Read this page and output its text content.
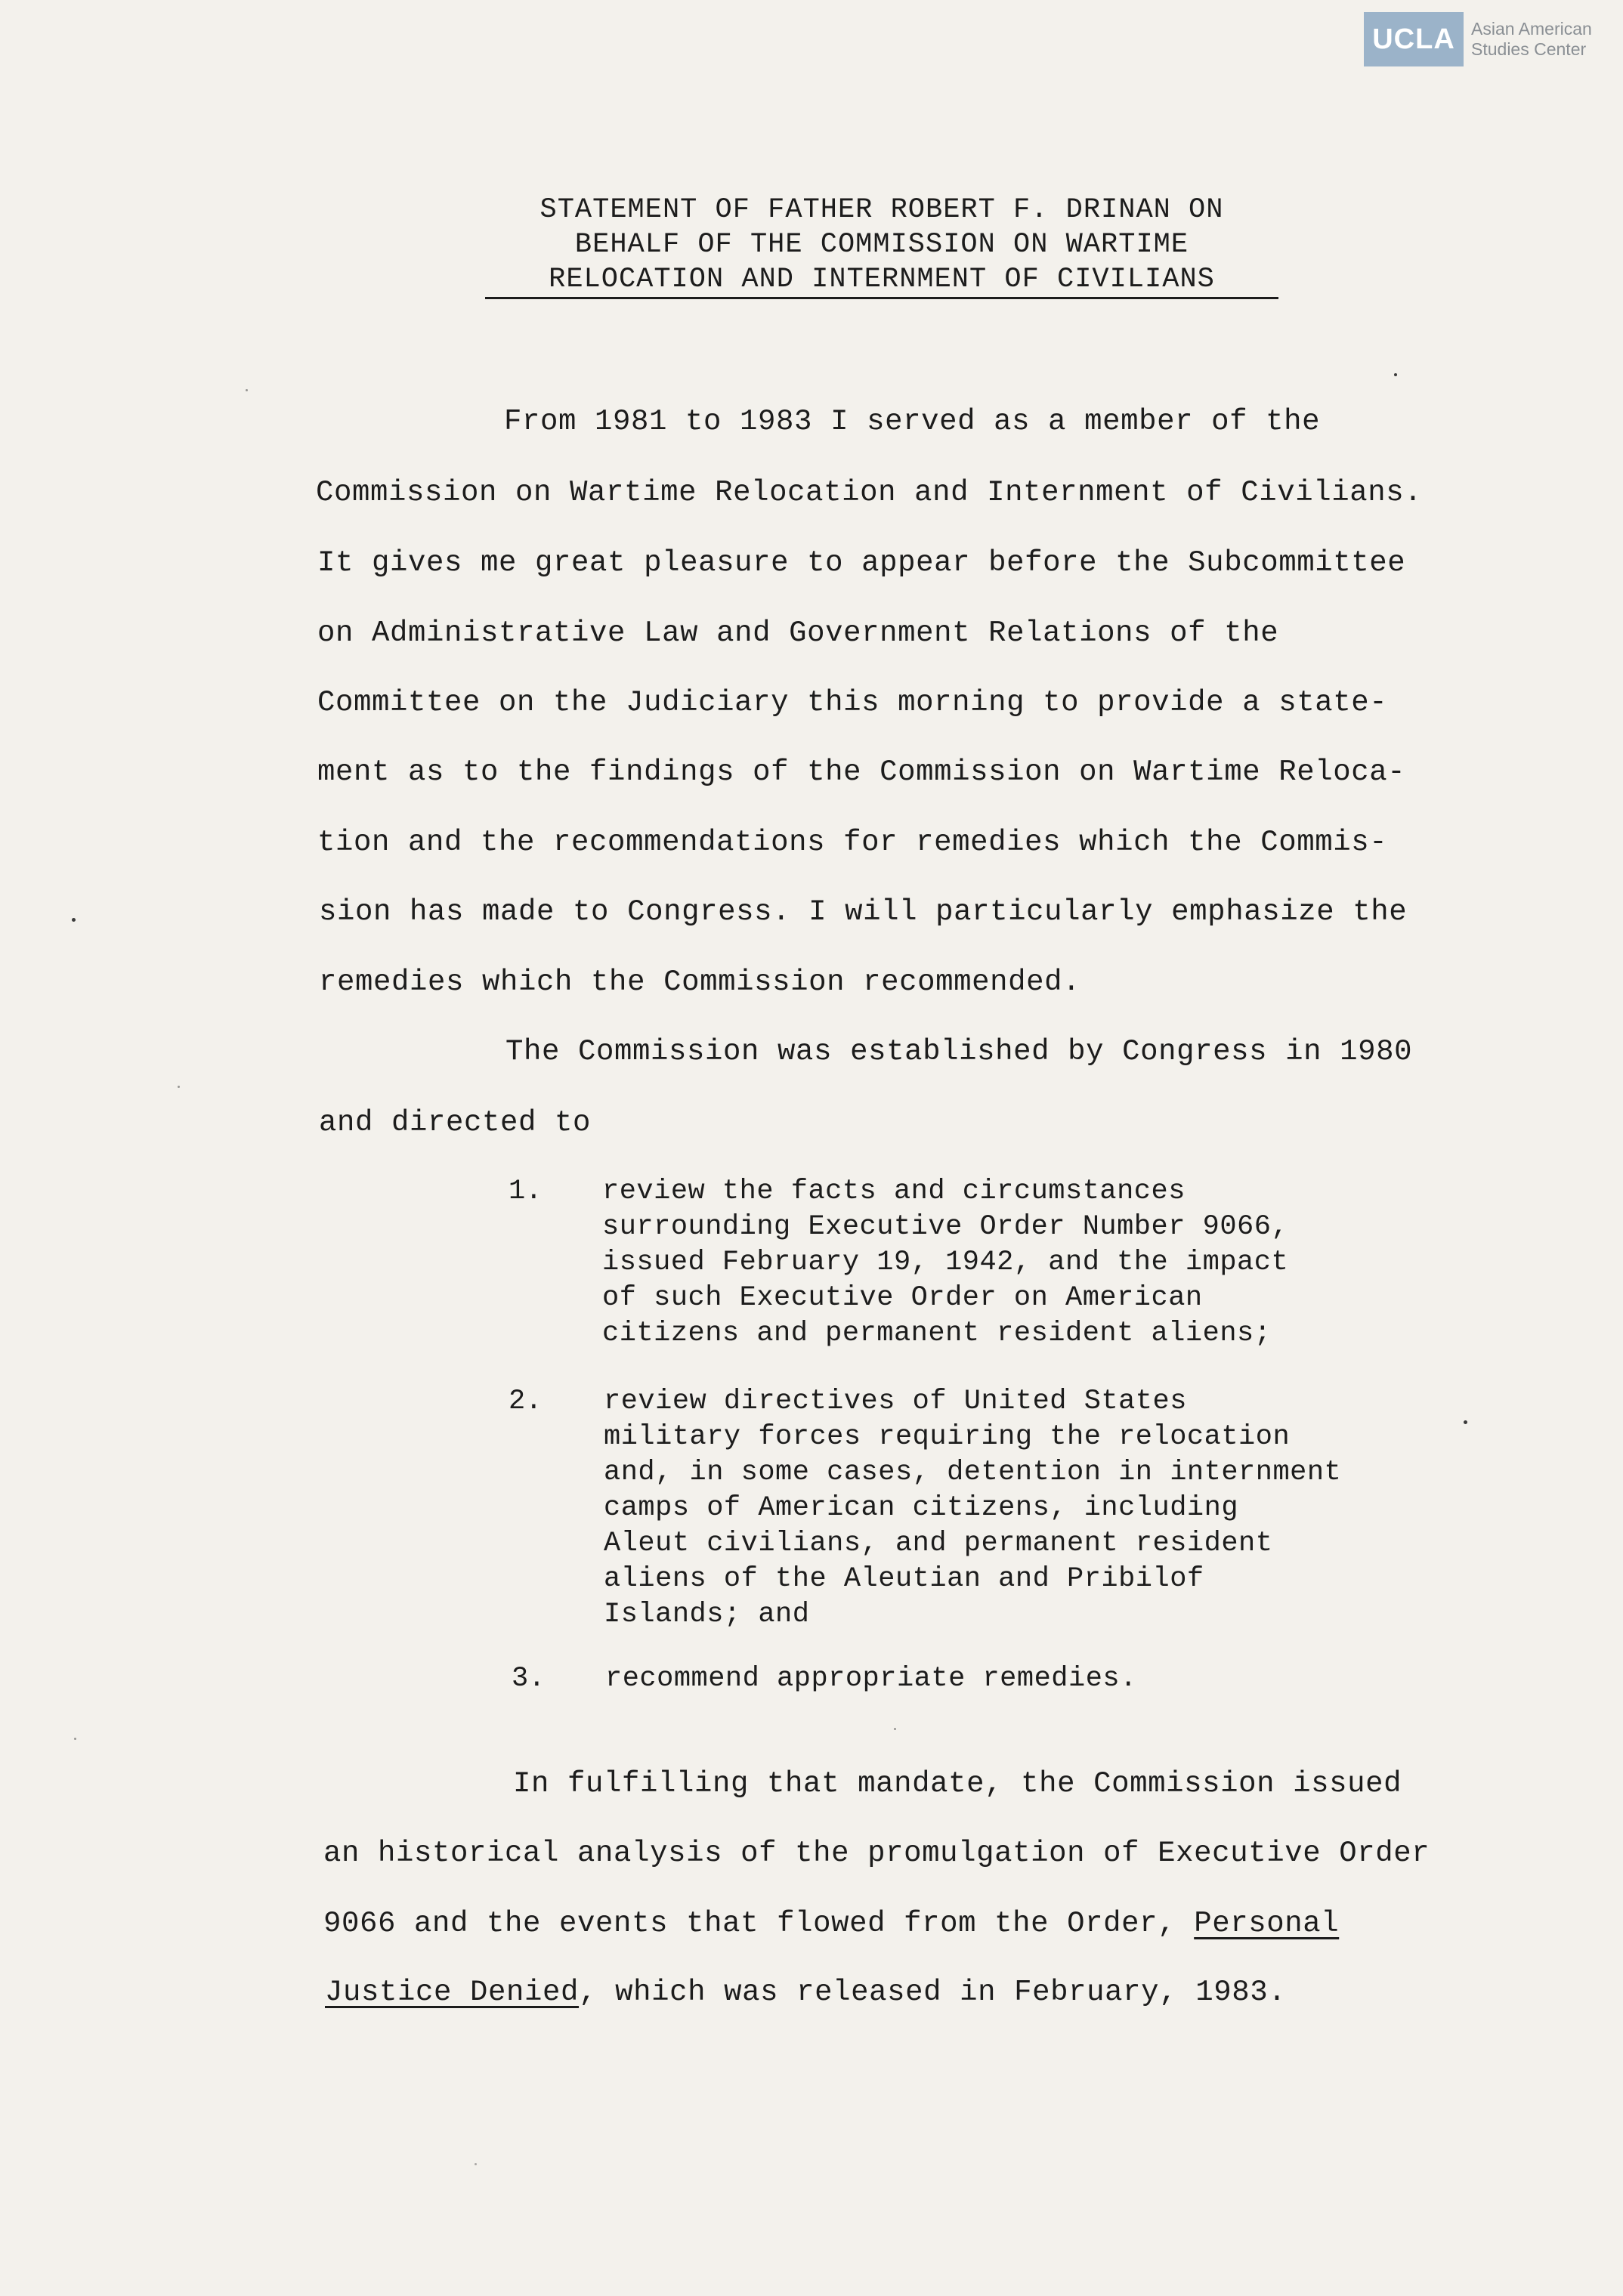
UCLA Asian American
Studies Center
STATEMENT OF FATHER ROBERT F. DRINAN ON
BEHALF OF THE COMMISSION ON WARTIME
RELOCATION AND INTERNMENT OF CIVILIANS
From 1981 to 1983 I served as a member of the
Commission on Wartime Relocation and Internment of Civilians.
It gives me great pleasure to appear before the Subcommittee
on Administrative Law and Government Relations of the
Committee on the Judiciary this morning to provide a state-
ment as to the findings of the Commission on Wartime Reloca-
tion and the recommendations for remedies which the Commis-
sion has made to Congress. I will particularly emphasize the
remedies which the Commission recommended.
The Commission was established by Congress in 1980
and directed to
1. review the facts and circumstances
surrounding Executive Order Number 9066,
issued February 19, 1942, and the impact
of such Executive Order on American
citizens and permanent resident aliens;
2. review directives of United States
military forces requiring the relocation
and, in some cases, detention in internment
camps of American citizens, including
Aleut civilians, and permanent resident
aliens of the Aleutian and Pribilof
Islands; and
3. recommend appropriate remedies.
In fulfilling that mandate, the Commission issued
an historical analysis of the promulgation of Executive Order
9066 and the events that flowed from the Order, Personal
Justice Denied, which was released in February, 1983.
